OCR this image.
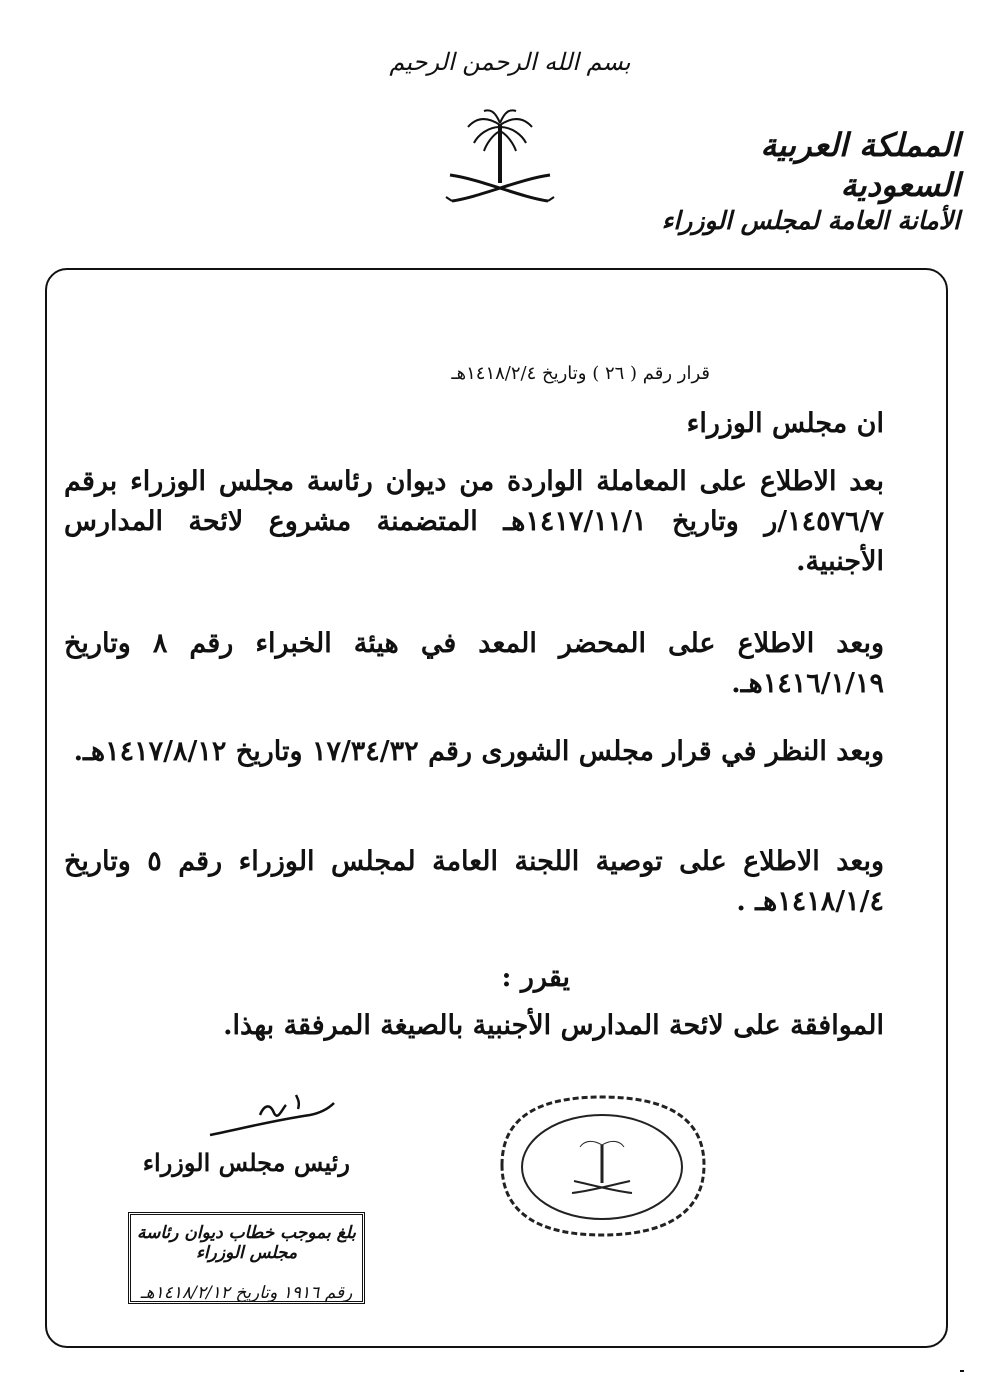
بسم الله الرحمن الرحيم
المملكة العربية السعودية
الأمانة العامة لمجلس الوزراء
قرار رقم ( ٢٦ ) وتاريخ ١٤١٨/٢/٤هـ
ان مجلس الوزراء
بعد الاطلاع على المعاملة الواردة من ديوان رئاسة مجلس الوزراء برقم ١٤٥٧٦/٧/ر وتاريخ ١٤١٧/١١/١هـ المتضمنة مشروع لائحة المدارس الأجنبية.
وبعد الاطلاع على المحضر المعد في هيئة الخبراء رقم ٨ وتاريخ ١٤١٦/١/١٩هـ.
وبعد النظر في قرار مجلس الشورى رقم ١٧/٣٤/٣٢ وتاريخ ١٤١٧/٨/١٢هـ.
وبعد الاطلاع على توصية اللجنة العامة لمجلس الوزراء رقم ٥ وتاريخ ١٤١٨/١/٤هـ .
يقرر :
الموافقة على لائحة المدارس الأجنبية بالصيغة المرفقة بهذا.
رئيس مجلس الوزراء
بلغ بموجب خطاب ديوان رئاسة مجلس الوزراء
رقم ١٩١٦ وتاريخ ١٤١٨/٢/١٢هـ
